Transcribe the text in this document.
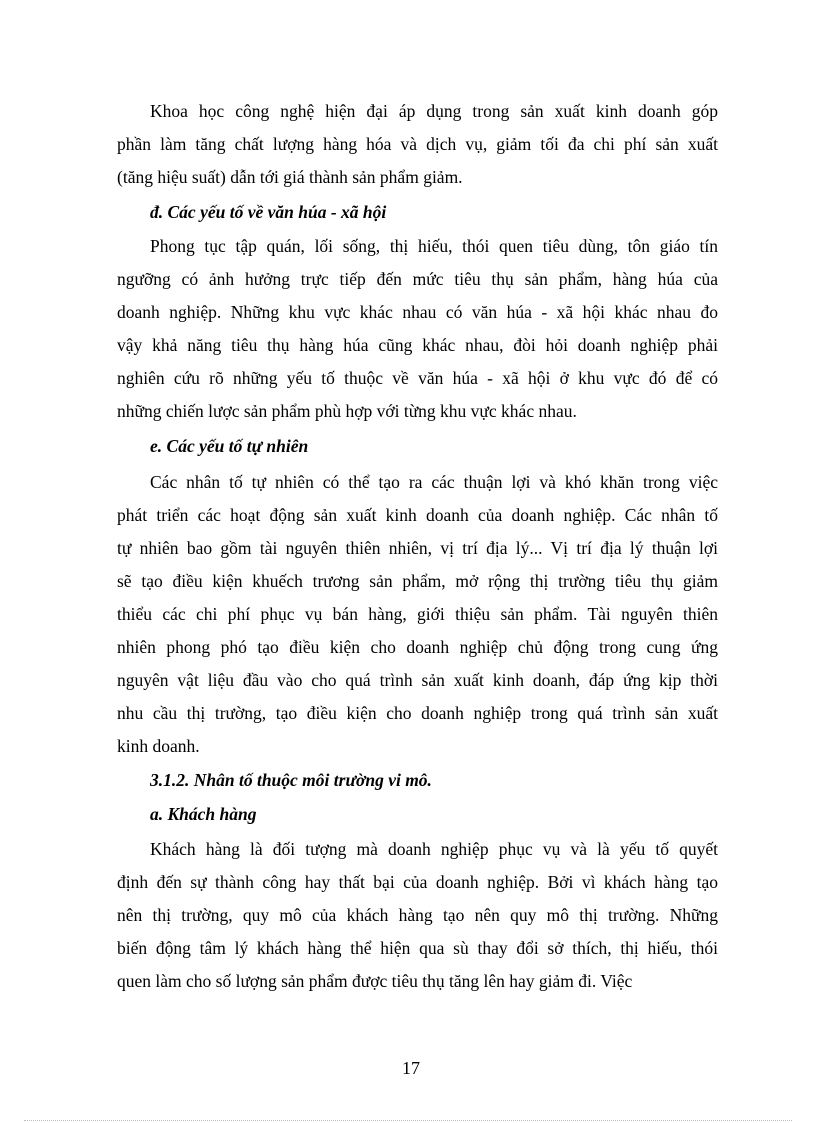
Khoa học công nghệ hiện đại áp dụng trong sản xuất kinh doanh góp
phần làm tăng chất lượng hàng hóa và dịch vụ, giảm tối đa chi phí sản xuất
(tăng hiệu suất) dẫn tới giá thành sản phẩm giảm.
đ. Các yếu tố về văn húa - xã hội
Phong tục tập quán, lối sống, thị hiếu, thói quen tiêu dùng, tôn giáo tín
ngưỡng có ảnh hưởng trực tiếp đến mức tiêu thụ sản phẩm, hàng húa của
doanh nghiệp. Những khu vực khác nhau có văn húa - xã hội khác nhau đo
vậy khả năng tiêu thụ hàng húa cũng khác nhau, đòi hỏi doanh nghiệp phải
nghiên cứu rõ những yếu tố thuộc về văn húa - xã hội ở khu vực đó để có
những chiến lược sản phẩm phù hợp với từng khu vực khác nhau.
e. Các yếu tố tự nhiên
Các nhân tố tự nhiên có thể tạo ra các thuận lợi và khó khăn trong việc
phát triển các hoạt động sản xuất kinh doanh của doanh nghiệp. Các nhân tố
tự nhiên bao gồm tài nguyên thiên nhiên, vị trí địa lý... Vị trí địa lý thuận lợi
sẽ tạo điều kiện khuếch trương sản phẩm, mở rộng thị trường tiêu thụ giảm
thiểu các chi phí phục vụ bán hàng, giới thiệu sản phẩm. Tài nguyên thiên
nhiên phong phó tạo điều kiện cho doanh nghiệp chủ động trong cung ứng
nguyên vật liệu đầu vào cho quá trình sản xuất kinh doanh, đáp ứng kịp thời
nhu cầu thị trường, tạo điều kiện cho doanh nghiệp trong quá trình sản xuất
kinh doanh.
3.1.2. Nhân tố thuộc môi trường vi mô.
a. Khách hàng
Khách hàng là đối tượng mà doanh nghiệp phục vụ và là yếu tố quyết
định đến sự thành công hay thất bại của doanh nghiệp. Bởi vì khách hàng tạo
nên thị trường, quy mô của khách hàng tạo nên quy mô thị trường. Những
biến động tâm lý khách hàng thể hiện qua sù thay đổi sở thích, thị hiếu, thói
quen làm cho số lượng sản phẩm được tiêu thụ tăng lên hay giảm đi. Việc
17
